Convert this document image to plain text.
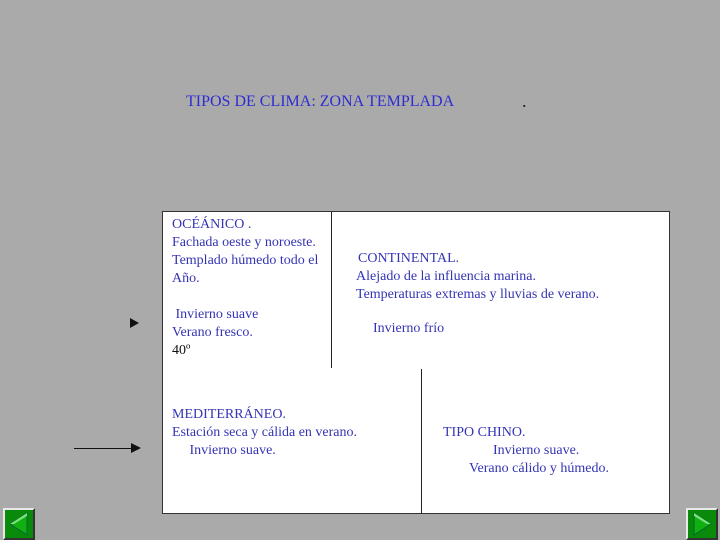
TIPOS DE CLIMA: ZONA TEMPLADA	.
OCÉÁNICO .
Fachada oeste y noroeste.
Templado húmedo todo el
Año.

Invierno suave
Verano fresco.
40º
CONTINENTAL.
Alejado de la influencia marina.
Temperaturas extremas y lluvias de verano.
Invierno frío
MEDITERRÁNEO.
Estación seca y cálida en verano.
Invierno suave.
TIPO CHINO.
Invierno suave.
Verano cálido y húmedo.
